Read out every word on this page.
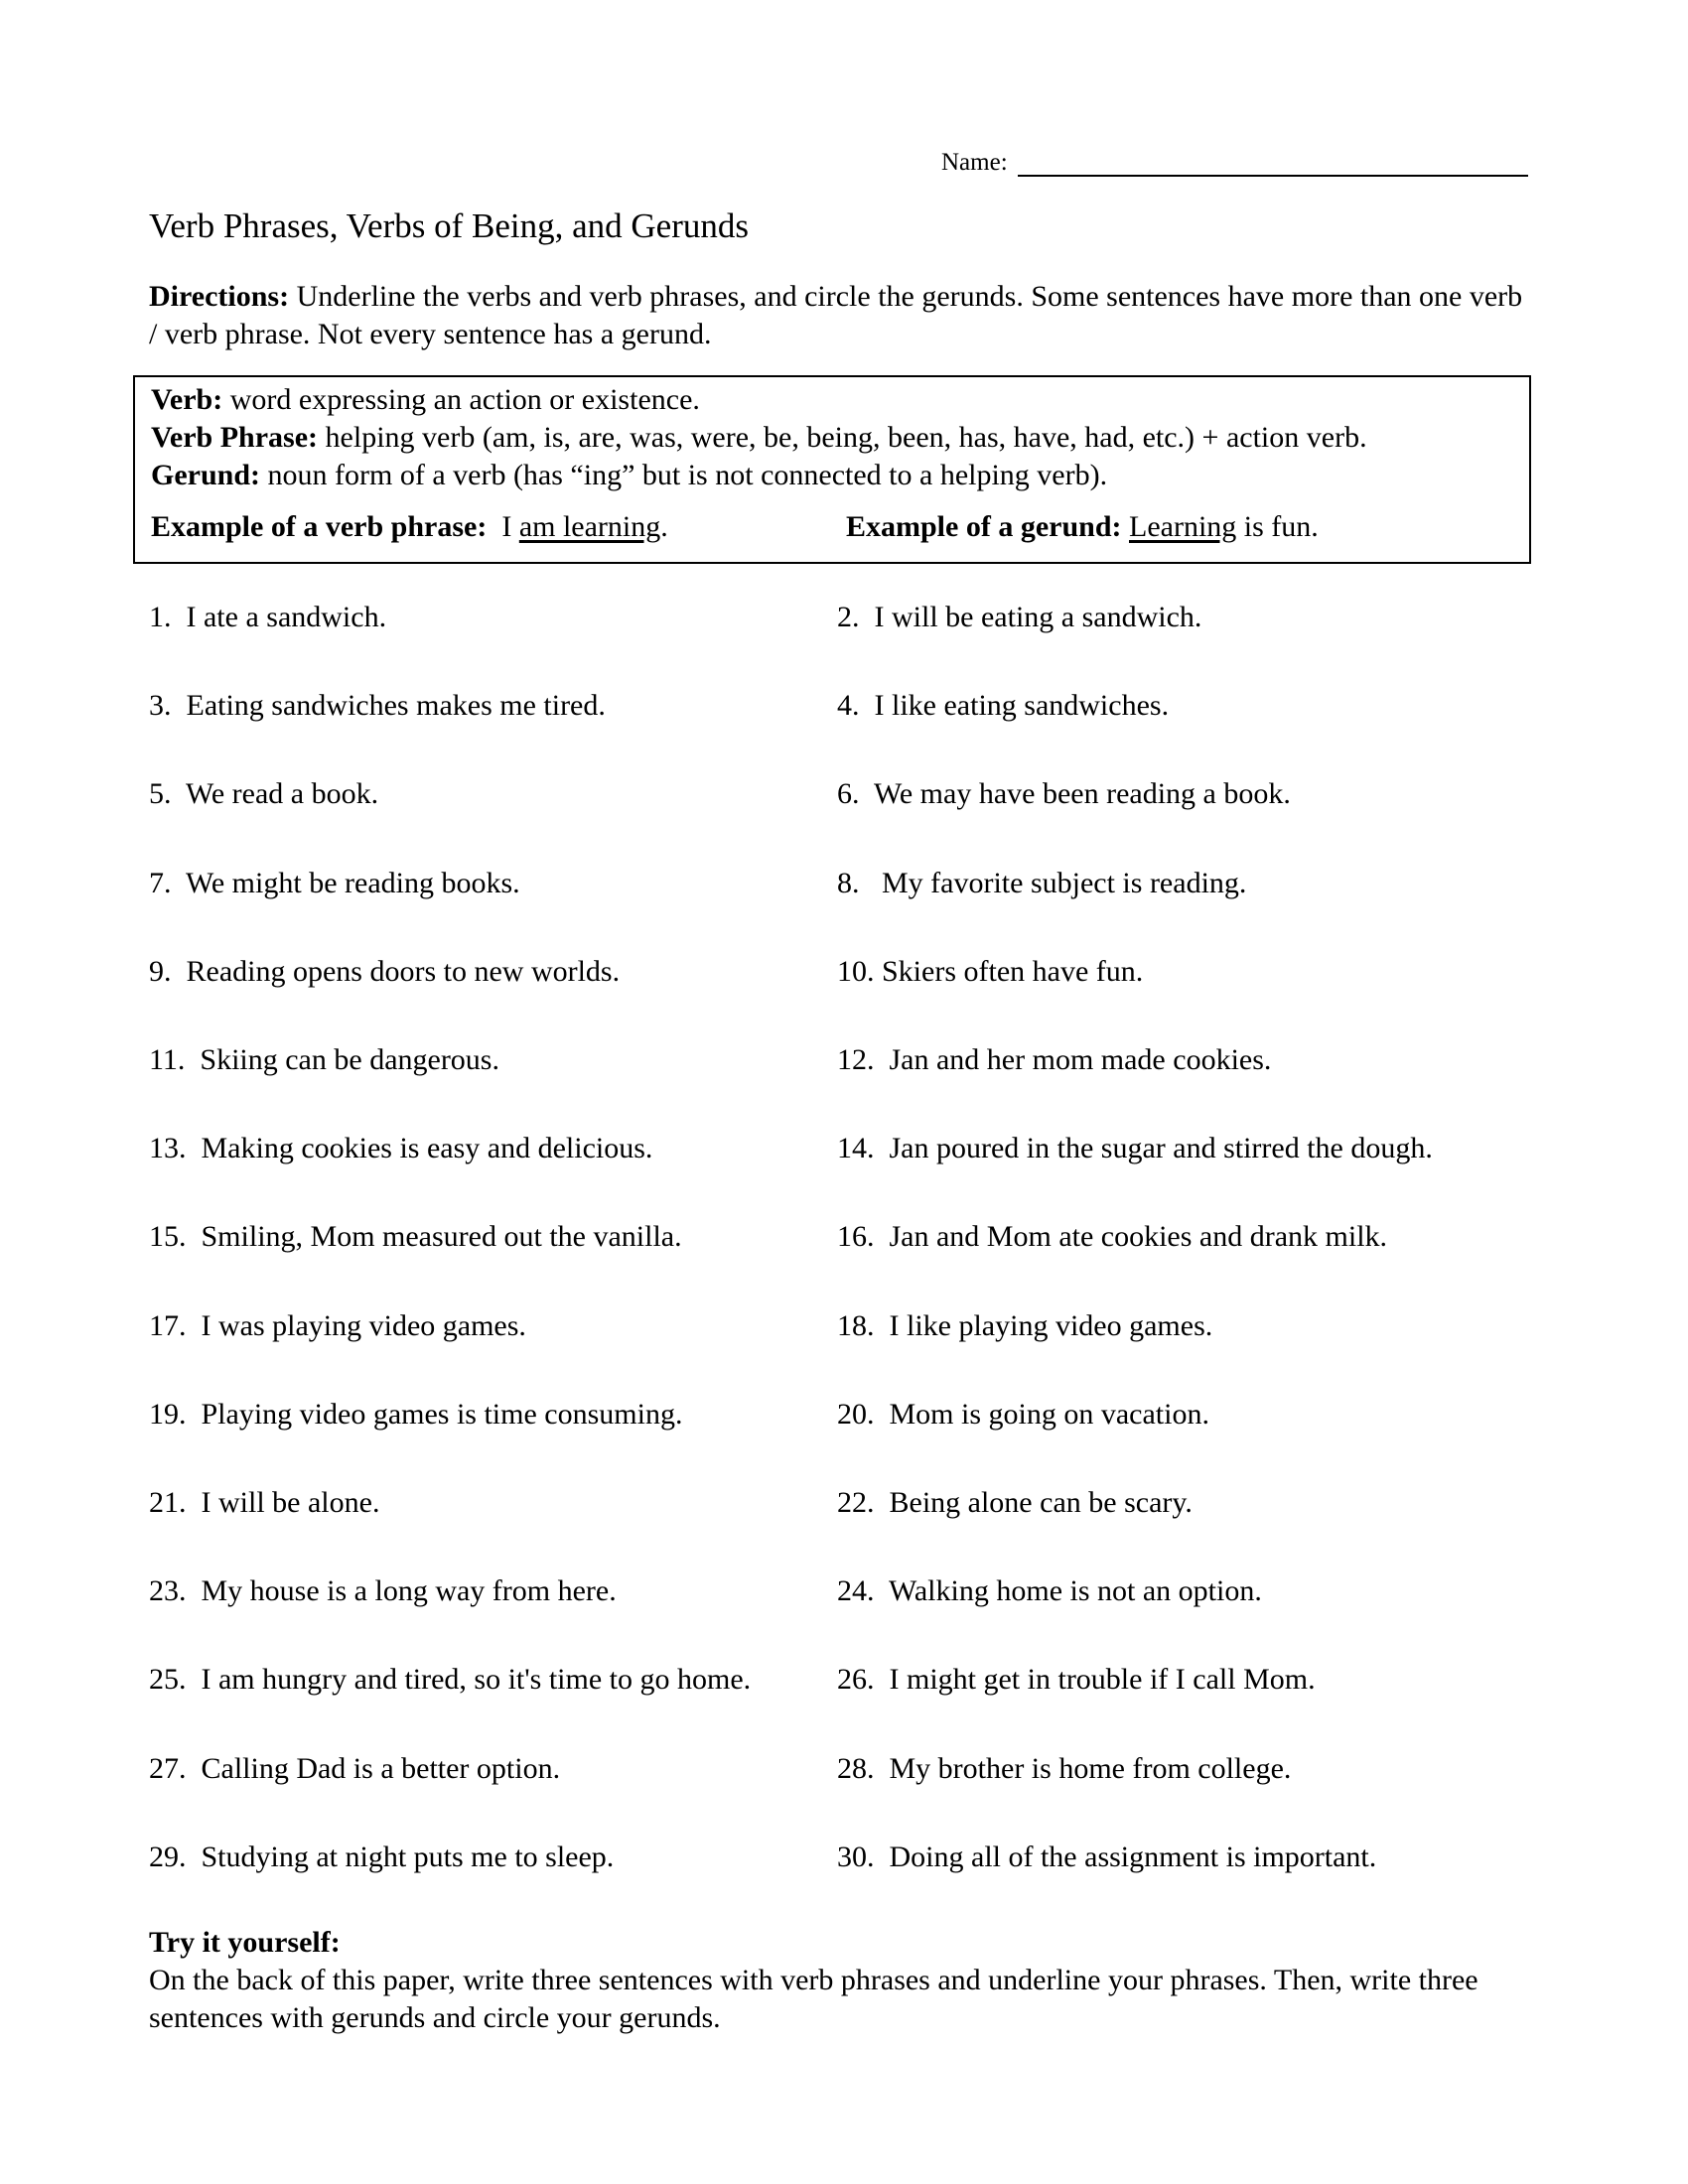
Name:
Verb Phrases, Verbs of Being, and Gerunds

Directions: Underline the verbs and verb phrases, and circle the gerunds. Some sentences have more than one verb / verb phrase. Not every sentence has a gerund.

Verb: word expressing an action or existence.
Verb Phrase: helping verb (am, is, are, was, were, be, being, been, has, have, had, etc.) + action verb.
Gerund: noun form of a verb (has “ing” but is not connected to a helping verb).
Example of a verb phrase:  I am learning.	Example of a gerund: Learning is fun.
1.  I ate a sandwich.	2.  I will be eating a sandwich.
3.  Eating sandwiches makes me tired.	4.  I like eating sandwiches.
5.  We read a book.	6.  We may have been reading a book.
7.  We might be reading books.	8.   My favorite subject is reading.
9.  Reading opens doors to new worlds.	10. Skiers often have fun.
11.  Skiing can be dangerous.	12.  Jan and her mom made cookies.
13.  Making cookies is easy and delicious.	14.  Jan poured in the sugar and stirred the dough.
15.  Smiling, Mom measured out the vanilla.	16.  Jan and Mom ate cookies and drank milk.
17.  I was playing video games.	18.  I like playing video games.
19.  Playing video games is time consuming.	20.  Mom is going on vacation.
21.  I will be alone.	22.  Being alone can be scary.
23.  My house is a long way from here.	24.  Walking home is not an option.
25.  I am hungry and tired, so it's time to go home.	26.  I might get in trouble if I call Mom.
27.  Calling Dad is a better option.	28.  My brother is home from college.
29.  Studying at night puts me to sleep.	30.  Doing all of the assignment is important.
Try it yourself:
On the back of this paper, write three sentences with verb phrases and underline your phrases. Then, write three sentences with gerunds and circle your gerunds.
